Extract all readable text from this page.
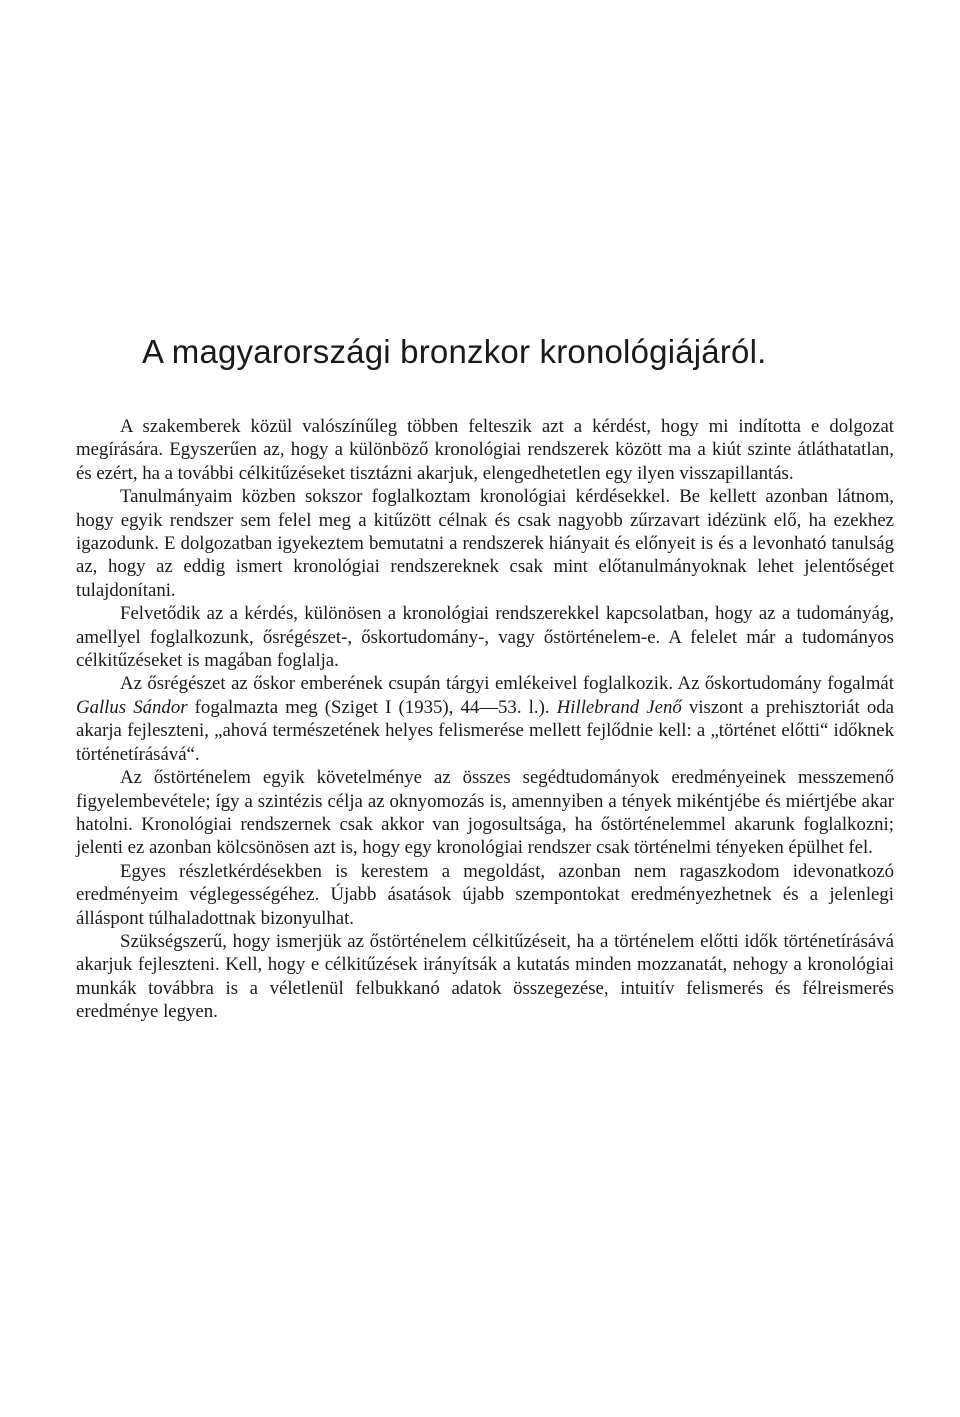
A magyarországi bronzkor kronológiájáról.

A szakemberek közül valószínűleg többen felteszik azt a kérdést, hogy mi indította e dolgozat megírására. Egyszerűen az, hogy a különböző kronológiai rendszerek között ma a kiút szinte átláthatatlan, és ezért, ha a további célkitűzéseket tisztázni akarjuk, elengedhetetlen egy ilyen visszapillantás.

Tanulmányaim közben sokszor foglalkoztam kronológiai kérdésekkel. Be kellett azonban látnom, hogy egyik rendszer sem felel meg a kitűzött célnak és csak nagyobb zűrzavart idézünk elő, ha ezekhez igazodunk. E dolgozatban igyekeztem bemutatni a rendszerek hiányait és előnyeit is és a levonható tanulság az, hogy az eddig ismert kronológiai rendszereknek csak mint előtanulmányoknak lehet jelentőséget tulajdonítani.

Felvetődik az a kérdés, különösen a kronológiai rendszerekkel kapcsolatban, hogy az a tudományág, amellyel foglalkozunk, ősrégészet-, őskortudomány-, vagy őstörténelem-e. A felelet már a tudományos célkitűzéseket is magában foglalja.

Az ősrégészet az őskor emberének csupán tárgyi emlékeivel foglalkozik. Az őskortudomány fogalmát Gallus Sándor fogalmazta meg (Sziget I (1935), 44—53. l.). Hillebrand Jenő viszont a prehisztoriát oda akarja fejleszteni, „ahová természetének helyes felismerése mellett fejlődnie kell: a „történet előtti“ időknek történetírásává“.

Az őstörténelem egyik követelménye az összes segédtudományok eredményeinek messzemenő figyelembevétele; így a szintézis célja az oknyomozás is, amennyiben a tények mikéntjébe és miértjébe akar hatolni. Kronológiai rendszernek csak akkor van jogosultsága, ha őstörténelemmel akarunk foglalkozni; jelenti ez azonban kölcsönösen azt is, hogy egy kronológiai rendszer csak történelmi tényeken épülhet fel.

Egyes részletkérdésekben is kerestem a megoldást, azonban nem ragaszkodom idevonatkozó eredményeim véglegességéhez. Újabb ásatások újabb szempontokat eredményezhetnek és a jelenlegi álláspont túlhaladottnak bizonyulhat.

Szükségszerű, hogy ismerjük az őstörténelem célkitűzéseit, ha a történelem előtti idők történetírásává akarjuk fejleszteni. Kell, hogy e célkitűzések irányítsák a kutatás minden mozzanatát, nehogy a kronológiai munkák továbbra is a véletlenül felbukkanó adatok összegezése, intuitív felismerés és félreismerés eredménye legyen.
